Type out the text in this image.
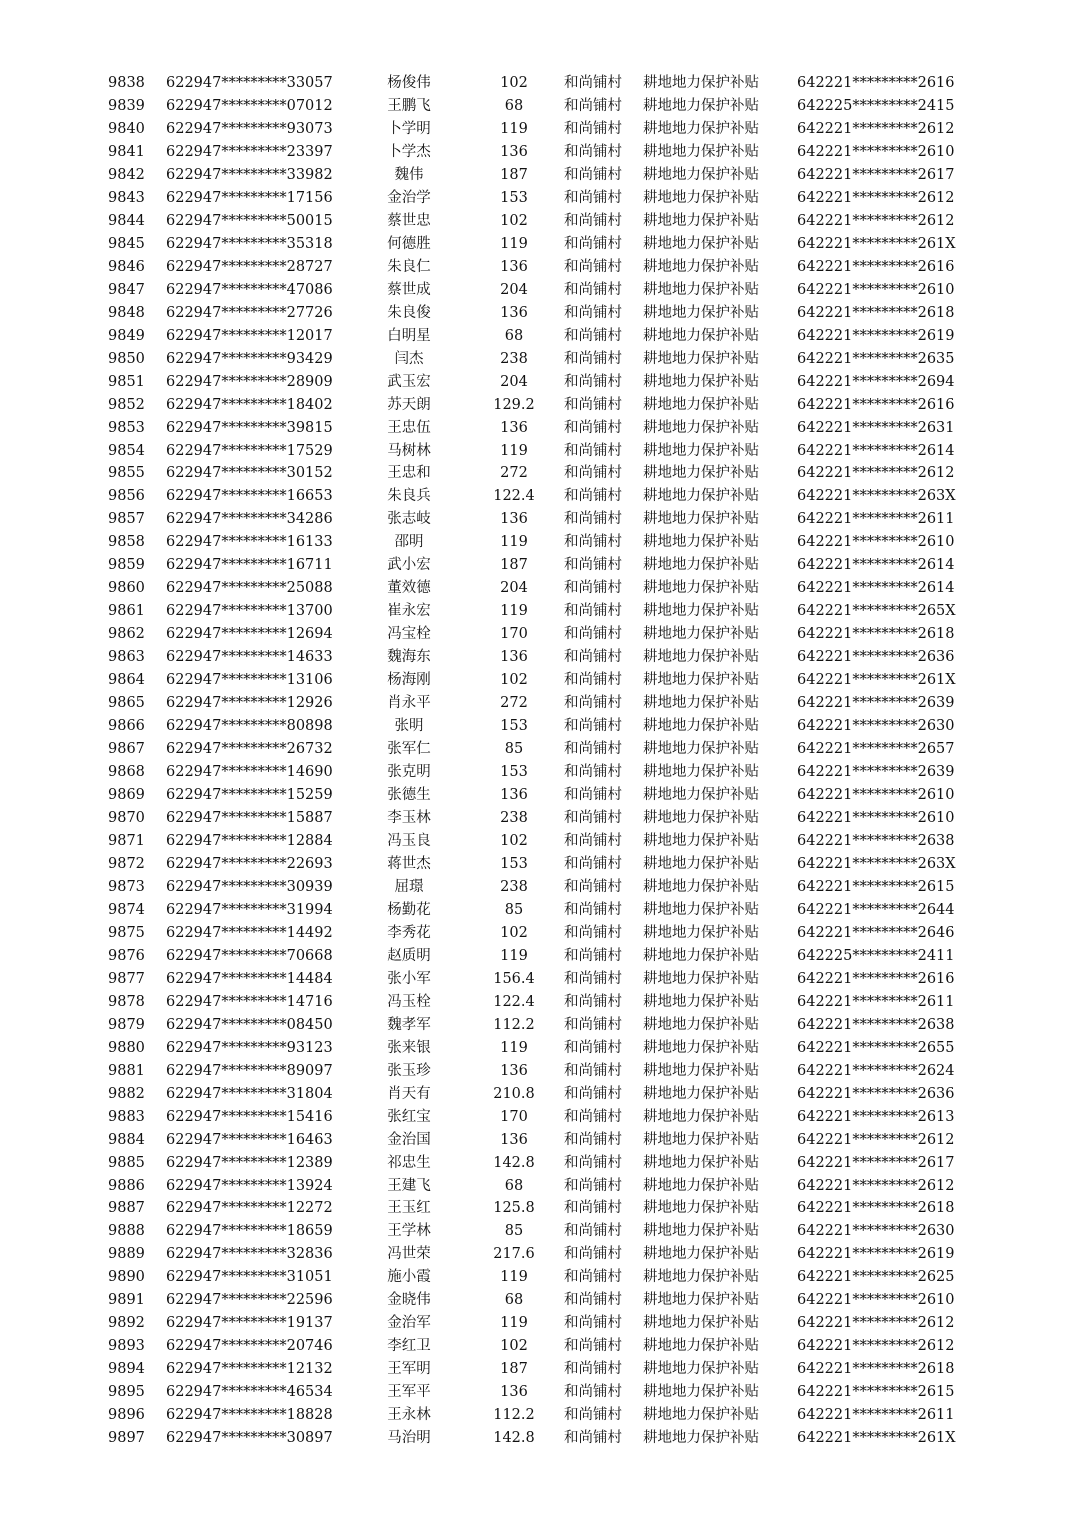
9838 622947*********33057	杨俊伟	102	和尚铺村 耕地地力保护补贴	642221*********2616
9839 622947*********07012	王鹏飞	68	和尚铺村 耕地地力保护补贴	642225*********2415
9840 622947*********93073	卜学明	119	和尚铺村 耕地地力保护补贴	642221*********2612
9841 622947*********23397	卜学杰	136	和尚铺村 耕地地力保护补贴	642221*********2610
9842 622947*********33982	魏伟	187	和尚铺村 耕地地力保护补贴	642221*********2617
9843 622947*********17156	金治学	153	和尚铺村 耕地地力保护补贴	642221*********2612
9844 622947*********50015	蔡世忠	102	和尚铺村 耕地地力保护补贴	642221*********2612
9845 622947*********35318	何德胜	119	和尚铺村 耕地地力保护补贴	642221*********261X
9846 622947*********28727	朱良仁	136	和尚铺村 耕地地力保护补贴	642221*********2616
9847 622947*********47086	蔡世成	204	和尚铺村 耕地地力保护补贴	642221*********2610
9848 622947*********27726	朱良俊	136	和尚铺村 耕地地力保护补贴	642221*********2618
9849 622947*********12017	白明星	68	和尚铺村 耕地地力保护补贴	642221*********2619
9850 622947*********93429	闫杰	238	和尚铺村 耕地地力保护补贴	642221*********2635
9851 622947*********28909	武玉宏	204	和尚铺村 耕地地力保护补贴	642221*********2694
9852 622947*********18402	苏天朗	129.2	和尚铺村 耕地地力保护补贴	642221*********2616
9853 622947*********39815	王忠伍	136	和尚铺村 耕地地力保护补贴	642221*********2631
9854 622947*********17529	马树林	119	和尚铺村 耕地地力保护补贴	642221*********2614
9855 622947*********30152	王忠和	272	和尚铺村 耕地地力保护补贴	642221*********2612
9856 622947*********16653	朱良兵	122.4	和尚铺村 耕地地力保护补贴	642221*********263X
9857 622947*********34286	张志岐	136	和尚铺村 耕地地力保护补贴	642221*********2611
9858 622947*********16133	邵明	119	和尚铺村 耕地地力保护补贴	642221*********2610
9859 622947*********16711	武小宏	187	和尚铺村 耕地地力保护补贴	642221*********2614
9860 622947*********25088	董效德	204	和尚铺村 耕地地力保护补贴	642221*********2614
9861 622947*********13700	崔永宏	119	和尚铺村 耕地地力保护补贴	642221*********265X
9862 622947*********12694	冯宝栓	170	和尚铺村 耕地地力保护补贴	642221*********2618
9863 622947*********14633	魏海东	136	和尚铺村 耕地地力保护补贴	642221*********2636
9864 622947*********13106	杨海刚	102	和尚铺村 耕地地力保护补贴	642221*********261X
9865 622947*********12926	肖永平	272	和尚铺村 耕地地力保护补贴	642221*********2639
9866 622947*********80898	张明	153	和尚铺村 耕地地力保护补贴	642221*********2630
9867 622947*********26732	张军仁	85	和尚铺村 耕地地力保护补贴	642221*********2657
9868 622947*********14690	张克明	153	和尚铺村 耕地地力保护补贴	642221*********2639
9869 622947*********15259	张德生	136	和尚铺村 耕地地力保护补贴	642221*********2610
9870 622947*********15887	李玉林	238	和尚铺村 耕地地力保护补贴	642221*********2610
9871 622947*********12884	冯玉良	102	和尚铺村 耕地地力保护补贴	642221*********2638
9872 622947*********22693	蒋世杰	153	和尚铺村 耕地地力保护补贴	642221*********263X
9873 622947*********30939	屈璟	238	和尚铺村 耕地地力保护补贴	642221*********2615
9874 622947*********31994	杨勤花	85	和尚铺村 耕地地力保护补贴	642221*********2644
9875 622947*********14492	李秀花	102	和尚铺村 耕地地力保护补贴	642221*********2646
9876 622947*********70668	赵质明	119	和尚铺村 耕地地力保护补贴	642225*********2411
9877 622947*********14484	张小军	156.4	和尚铺村 耕地地力保护补贴	642221*********2616
9878 622947*********14716	冯玉栓	122.4	和尚铺村 耕地地力保护补贴	642221*********2611
9879 622947*********08450	魏孝军	112.2	和尚铺村 耕地地力保护补贴	642221*********2638
9880 622947*********93123	张来银	119	和尚铺村 耕地地力保护补贴	642221*********2655
9881 622947*********89097	张玉珍	136	和尚铺村 耕地地力保护补贴	642221*********2624
9882 622947*********31804	肖天有	210.8	和尚铺村 耕地地力保护补贴	642221*********2636
9883 622947*********15416	张红宝	170	和尚铺村 耕地地力保护补贴	642221*********2613
9884 622947*********16463	金治国	136	和尚铺村 耕地地力保护补贴	642221*********2612
9885 622947*********12389	祁忠生	142.8	和尚铺村 耕地地力保护补贴	642221*********2617
9886 622947*********13924	王建飞	68	和尚铺村 耕地地力保护补贴	642221*********2612
9887 622947*********12272	王玉红	125.8	和尚铺村 耕地地力保护补贴	642221*********2618
9888 622947*********18659	王学林	85	和尚铺村 耕地地力保护补贴	642221*********2630
9889 622947*********32836	冯世荣	217.6	和尚铺村 耕地地力保护补贴	642221*********2619
9890 622947*********31051	施小霞	119	和尚铺村 耕地地力保护补贴	642221*********2625
9891 622947*********22596	金晓伟	68	和尚铺村 耕地地力保护补贴	642221*********2610
9892 622947*********19137	金治军	119	和尚铺村 耕地地力保护补贴	642221*********2612
9893 622947*********20746	李红卫	102	和尚铺村 耕地地力保护补贴	642221*********2612
9894 622947*********12132	王军明	187	和尚铺村 耕地地力保护补贴	642221*********2618
9895 622947*********46534	王军平	136	和尚铺村 耕地地力保护补贴	642221*********2615
9896 622947*********18828	王永林	112.2	和尚铺村 耕地地力保护补贴	642221*********2611
9897 622947*********30897	马治明	142.8	和尚铺村 耕地地力保护补贴	642221*********261X
